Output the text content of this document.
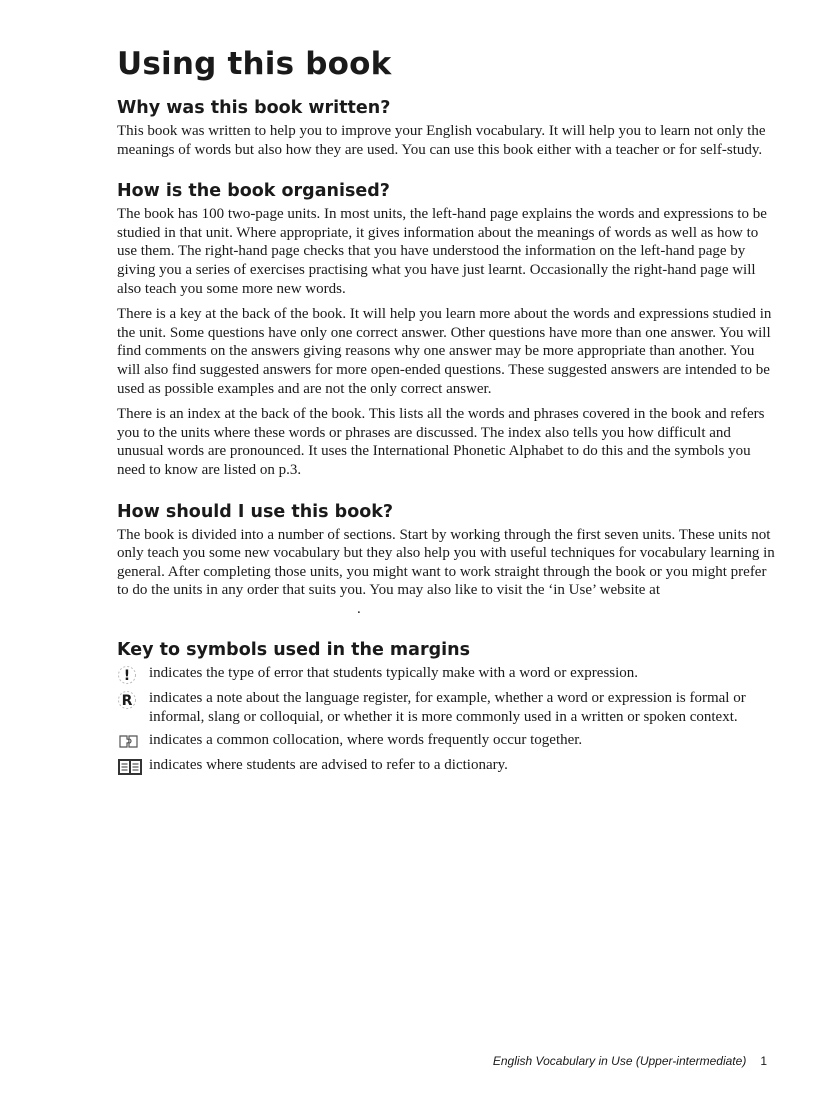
Using this book
Why was this book written?

This book was written to help you to improve your English vocabulary. It will help you to learn not only the meanings of words but also how they are used. You can use this book either with a teacher or for self-study.

How is the book organised?

The book has 100 two-page units. In most units, the left-hand page explains the words and expressions to be studied in that unit. Where appropriate, it gives information about the meanings of words as well as how to use them. The right-hand page checks that you have understood the information on the left-hand page by giving you a series of exercises practising what you have just learnt. Occasionally the right-hand page will also teach you some more new words.

There is a key at the back of the book. It will help you learn more about the words and expressions studied in the unit. Some questions have only one correct answer. Other questions have more than one answer. You will find comments on the answers giving reasons why one answer may be more appropriate than another. You will also find suggested answers for more open-ended questions. These suggested answers are intended to be used as possible examples and are not the only correct answer.

There is an index at the back of the book. This lists all the words and phrases covered in the book and refers you to the units where these words or phrases are discussed. The index also tells you how difficult and unusual words are pronounced. It uses the International Phonetic Alphabet to do this and the symbols you need to know are listed on p.3.

How should I use this book?

The book is divided into a number of sections. Start by working through the first seven units. These units not only teach you some new vocabulary but they also help you with useful techniques for vocabulary learning in general. After completing those units, you might want to work straight through the book or you might prefer to do the units in any order that suits you. You may also like to visit the ‘in Use’ website at.

Key to symbols used in the margins
! indicates the type of error that students typically make with a word or expression.
R indicates a note about the language register, for example, whether a word or expression is formal or informal, slang or colloquial, or whether it is more commonly used in a written or spoken context.
indicates a common collocation, where words frequently occur together.
indicates where students are advised to refer to a dictionary.
English Vocabulary in Use (Upper-intermediate) 1
